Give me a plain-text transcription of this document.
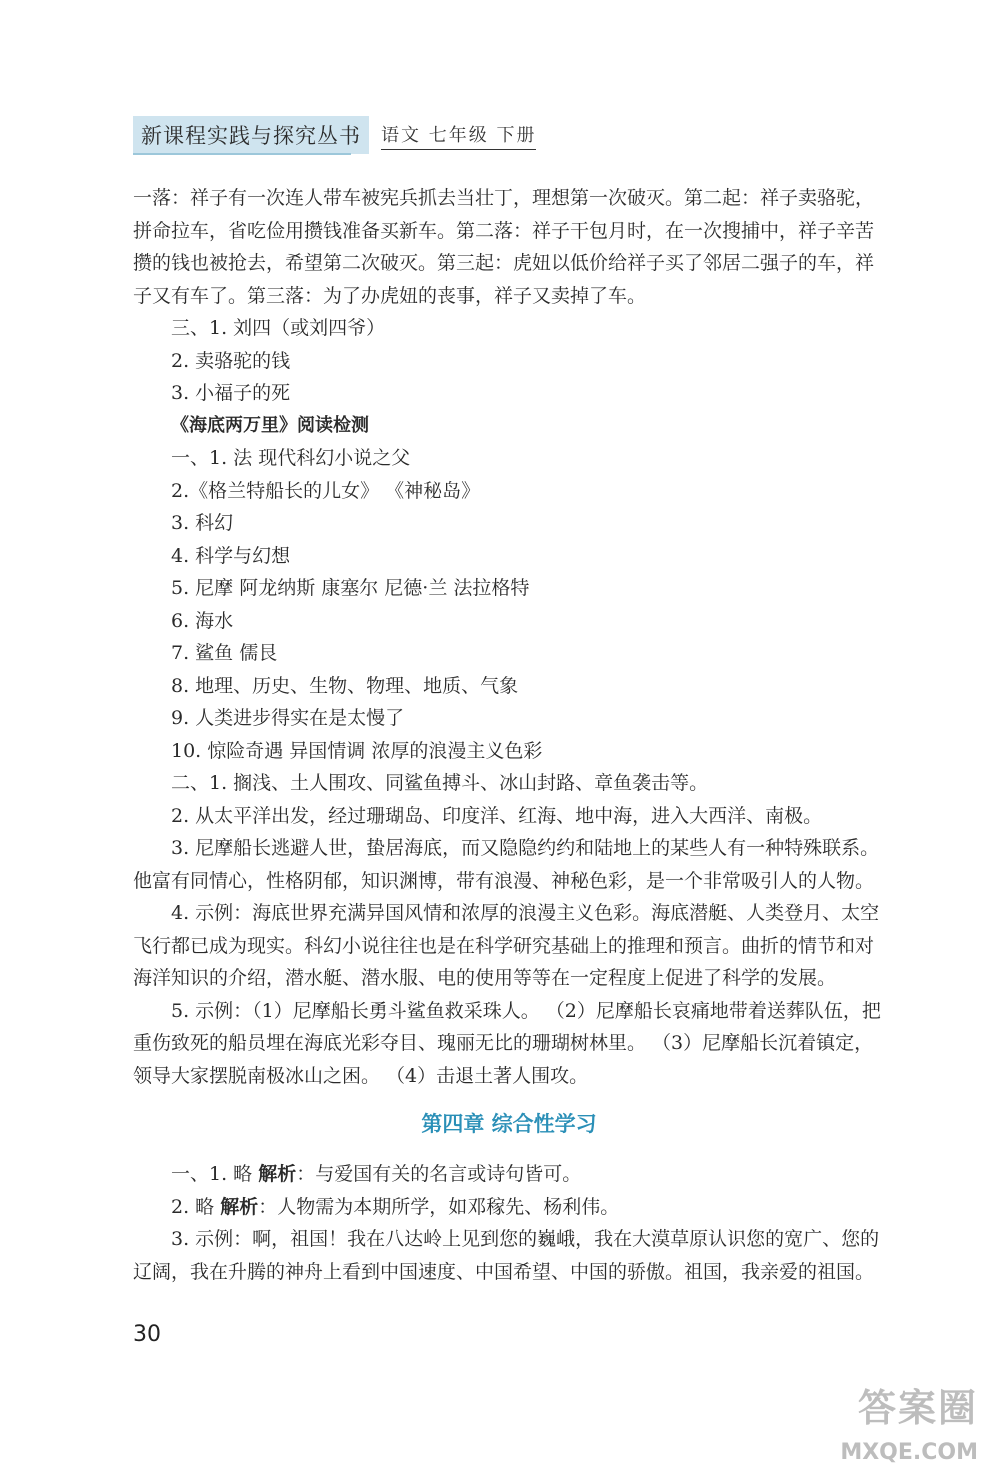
新课程实践与探究丛书	语文 七年级 下册

一落：祥子有一次连人带车被宪兵抓去当壮丁，理想第一次破灭。第二起：祥子卖骆驼，拼命拉车，省吃俭用攒钱准备买新车。第二落：祥子干包月时，在一次搜捕中，祥子辛苦攒的钱也被抢去，希望第二次破灭。第三起：虎妞以低价给祥子买了邻居二强子的车，祥子又有车了。第三落：为了办虎妞的丧事，祥子又卖掉了车。

三、1. 刘四（或刘四爷）

2. 卖骆驼的钱

3. 小福子的死

《海底两万里》阅读检测

一、1. 法 现代科幻小说之父

2.《格兰特船长的儿女》 《神秘岛》

3. 科幻

4. 科学与幻想

5. 尼摩 阿龙纳斯 康塞尔 尼德·兰 法拉格特

6. 海水

7. 鲨鱼 儒艮

8. 地理、历史、生物、物理、地质、气象

9. 人类进步得实在是太慢了

10. 惊险奇遇 异国情调 浓厚的浪漫主义色彩

二、1. 搁浅、土人围攻、同鲨鱼搏斗、冰山封路、章鱼袭击等。

2. 从太平洋出发，经过珊瑚岛、印度洋、红海、地中海，进入大西洋、南极。

3. 尼摩船长逃避人世，蛰居海底，而又隐隐约约和陆地上的某些人有一种特殊联系。他富有同情心，性格阴郁，知识渊博，带有浪漫、神秘色彩，是一个非常吸引人的人物。

4. 示例：海底世界充满异国风情和浓厚的浪漫主义色彩。海底潜艇、人类登月、太空飞行都已成为现实。科幻小说往往也是在科学研究基础上的推理和预言。曲折的情节和对海洋知识的介绍，潜水艇、潜水服、电的使用等等在一定程度上促进了科学的发展。

5. 示例：（1）尼摩船长勇斗鲨鱼救采珠人。 （2）尼摩船长哀痛地带着送葬队伍，把重伤致死的船员埋在海底光彩夺目、瑰丽无比的珊瑚树林里。 （3）尼摩船长沉着镇定，领导大家摆脱南极冰山之困。 （4）击退土著人围攻。

第四章 综合性学习

一、1. 略 解析：与爱国有关的名言或诗句皆可。

2. 略 解析：人物需为本期所学，如邓稼先、杨利伟。

3. 示例：啊，祖国！我在八达岭上见到您的巍峨，我在大漠草原认识您的宽广、您的辽阔，我在升腾的神舟上看到中国速度、中国希望、中国的骄傲。祖国，我亲爱的祖国。

30
答案圈
MXQE.COM
